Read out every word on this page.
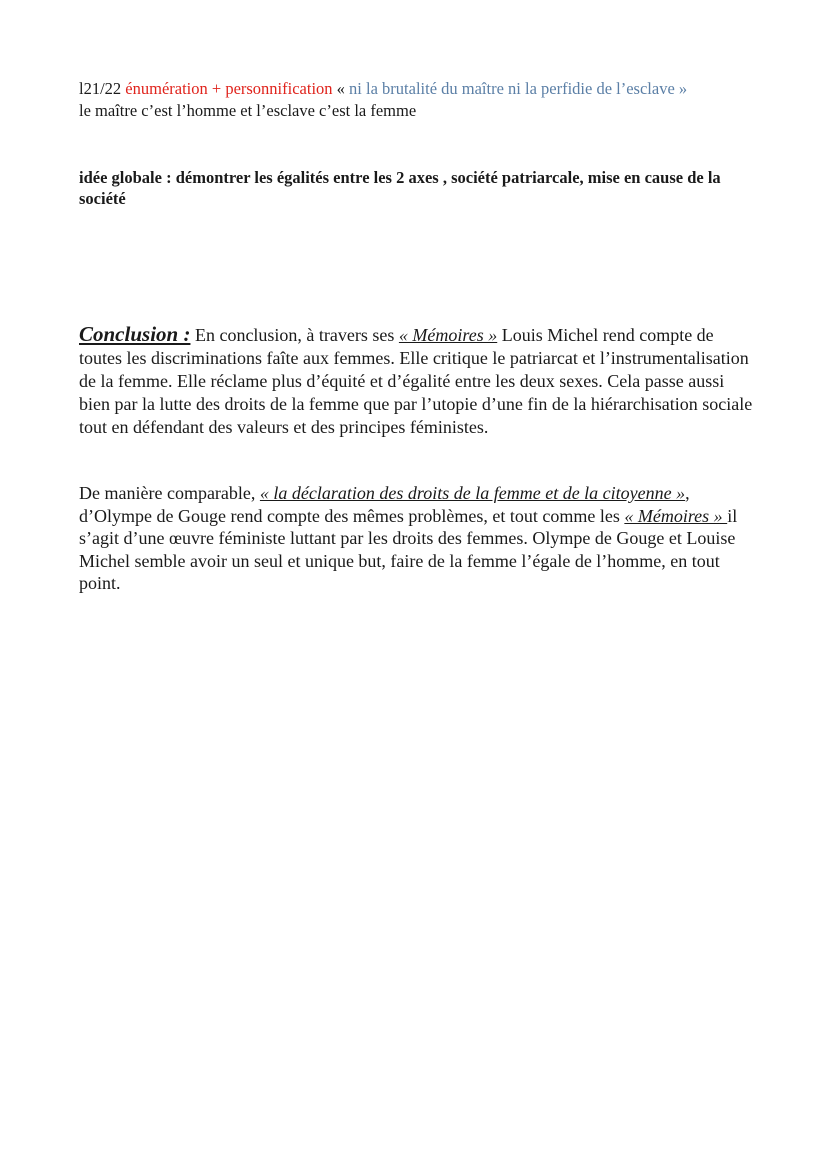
l21/22 énumération + personnification « ni la brutalité du maître ni la perfidie de l’esclave »
le maître c’est l’homme et l’esclave c’est la femme
idée globale : démontrer les égalités entre les 2 axes , société patriarcale, mise en cause de la société
Conclusion : En conclusion, à travers ses « Mémoires » Louis Michel rend compte de toutes les discriminations faîte aux femmes. Elle critique le patriarcat et l’instrumentalisation de la femme. Elle réclame plus d’équité et d’égalité entre les deux sexes. Cela passe aussi bien par la lutte des droits de la femme que par l’utopie d’une fin de la hiérarchisation sociale tout en défendant des valeurs et des principes féministes.
De manière comparable, « la déclaration des droits de la femme et de la citoyenne », d’Olympe de Gouge rend compte des mêmes problèmes, et tout comme les « Mémoires » il s’agit d’une œuvre féministe luttant par les droits des femmes. Olympe de Gouge et Louise Michel semble avoir un seul et unique but, faire de la femme l’égale de l’homme, en tout point.
